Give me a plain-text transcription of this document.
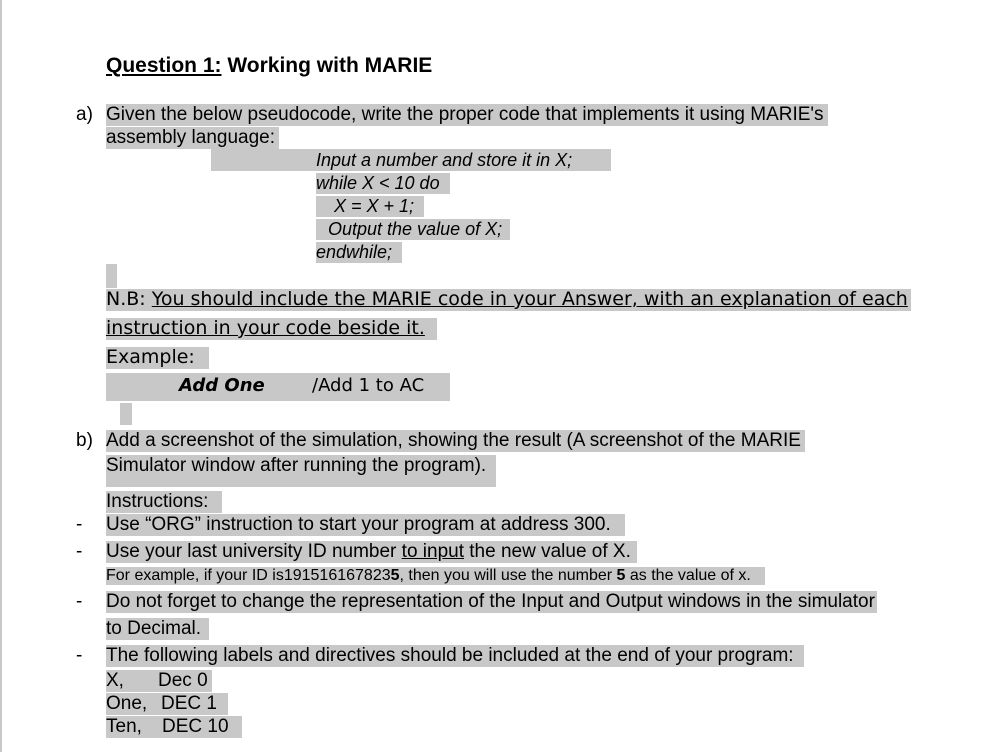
Question 1: Working with MARIE
a) Given the below pseudocode, write the proper code that implements it using MARIE's
assembly language:
Input a number and store it in X;
while X < 10 do
X = X + 1;
Output the value of X;
endwhile;
N.B: You should include the MARIE code in your Answer, with an explanation of each
instruction in your code beside it.
Example:
Add One	/Add 1 to AC
b) Add a screenshot of the simulation, showing the result (A screenshot of the MARIE
Simulator window after running the program).
Instructions:
- Use “ORG” instruction to start your program at address 300.
- Use your last university ID number to input the new value of X.
For example, if your ID is1915161678235, then you will use the number 5 as the value of x.
- Do not forget to change the representation of the Input and Output windows in the simulator
to Decimal.
- The following labels and directives should be included at the end of your program:
X, Dec 0
One, DEC 1
Ten, DEC 10
